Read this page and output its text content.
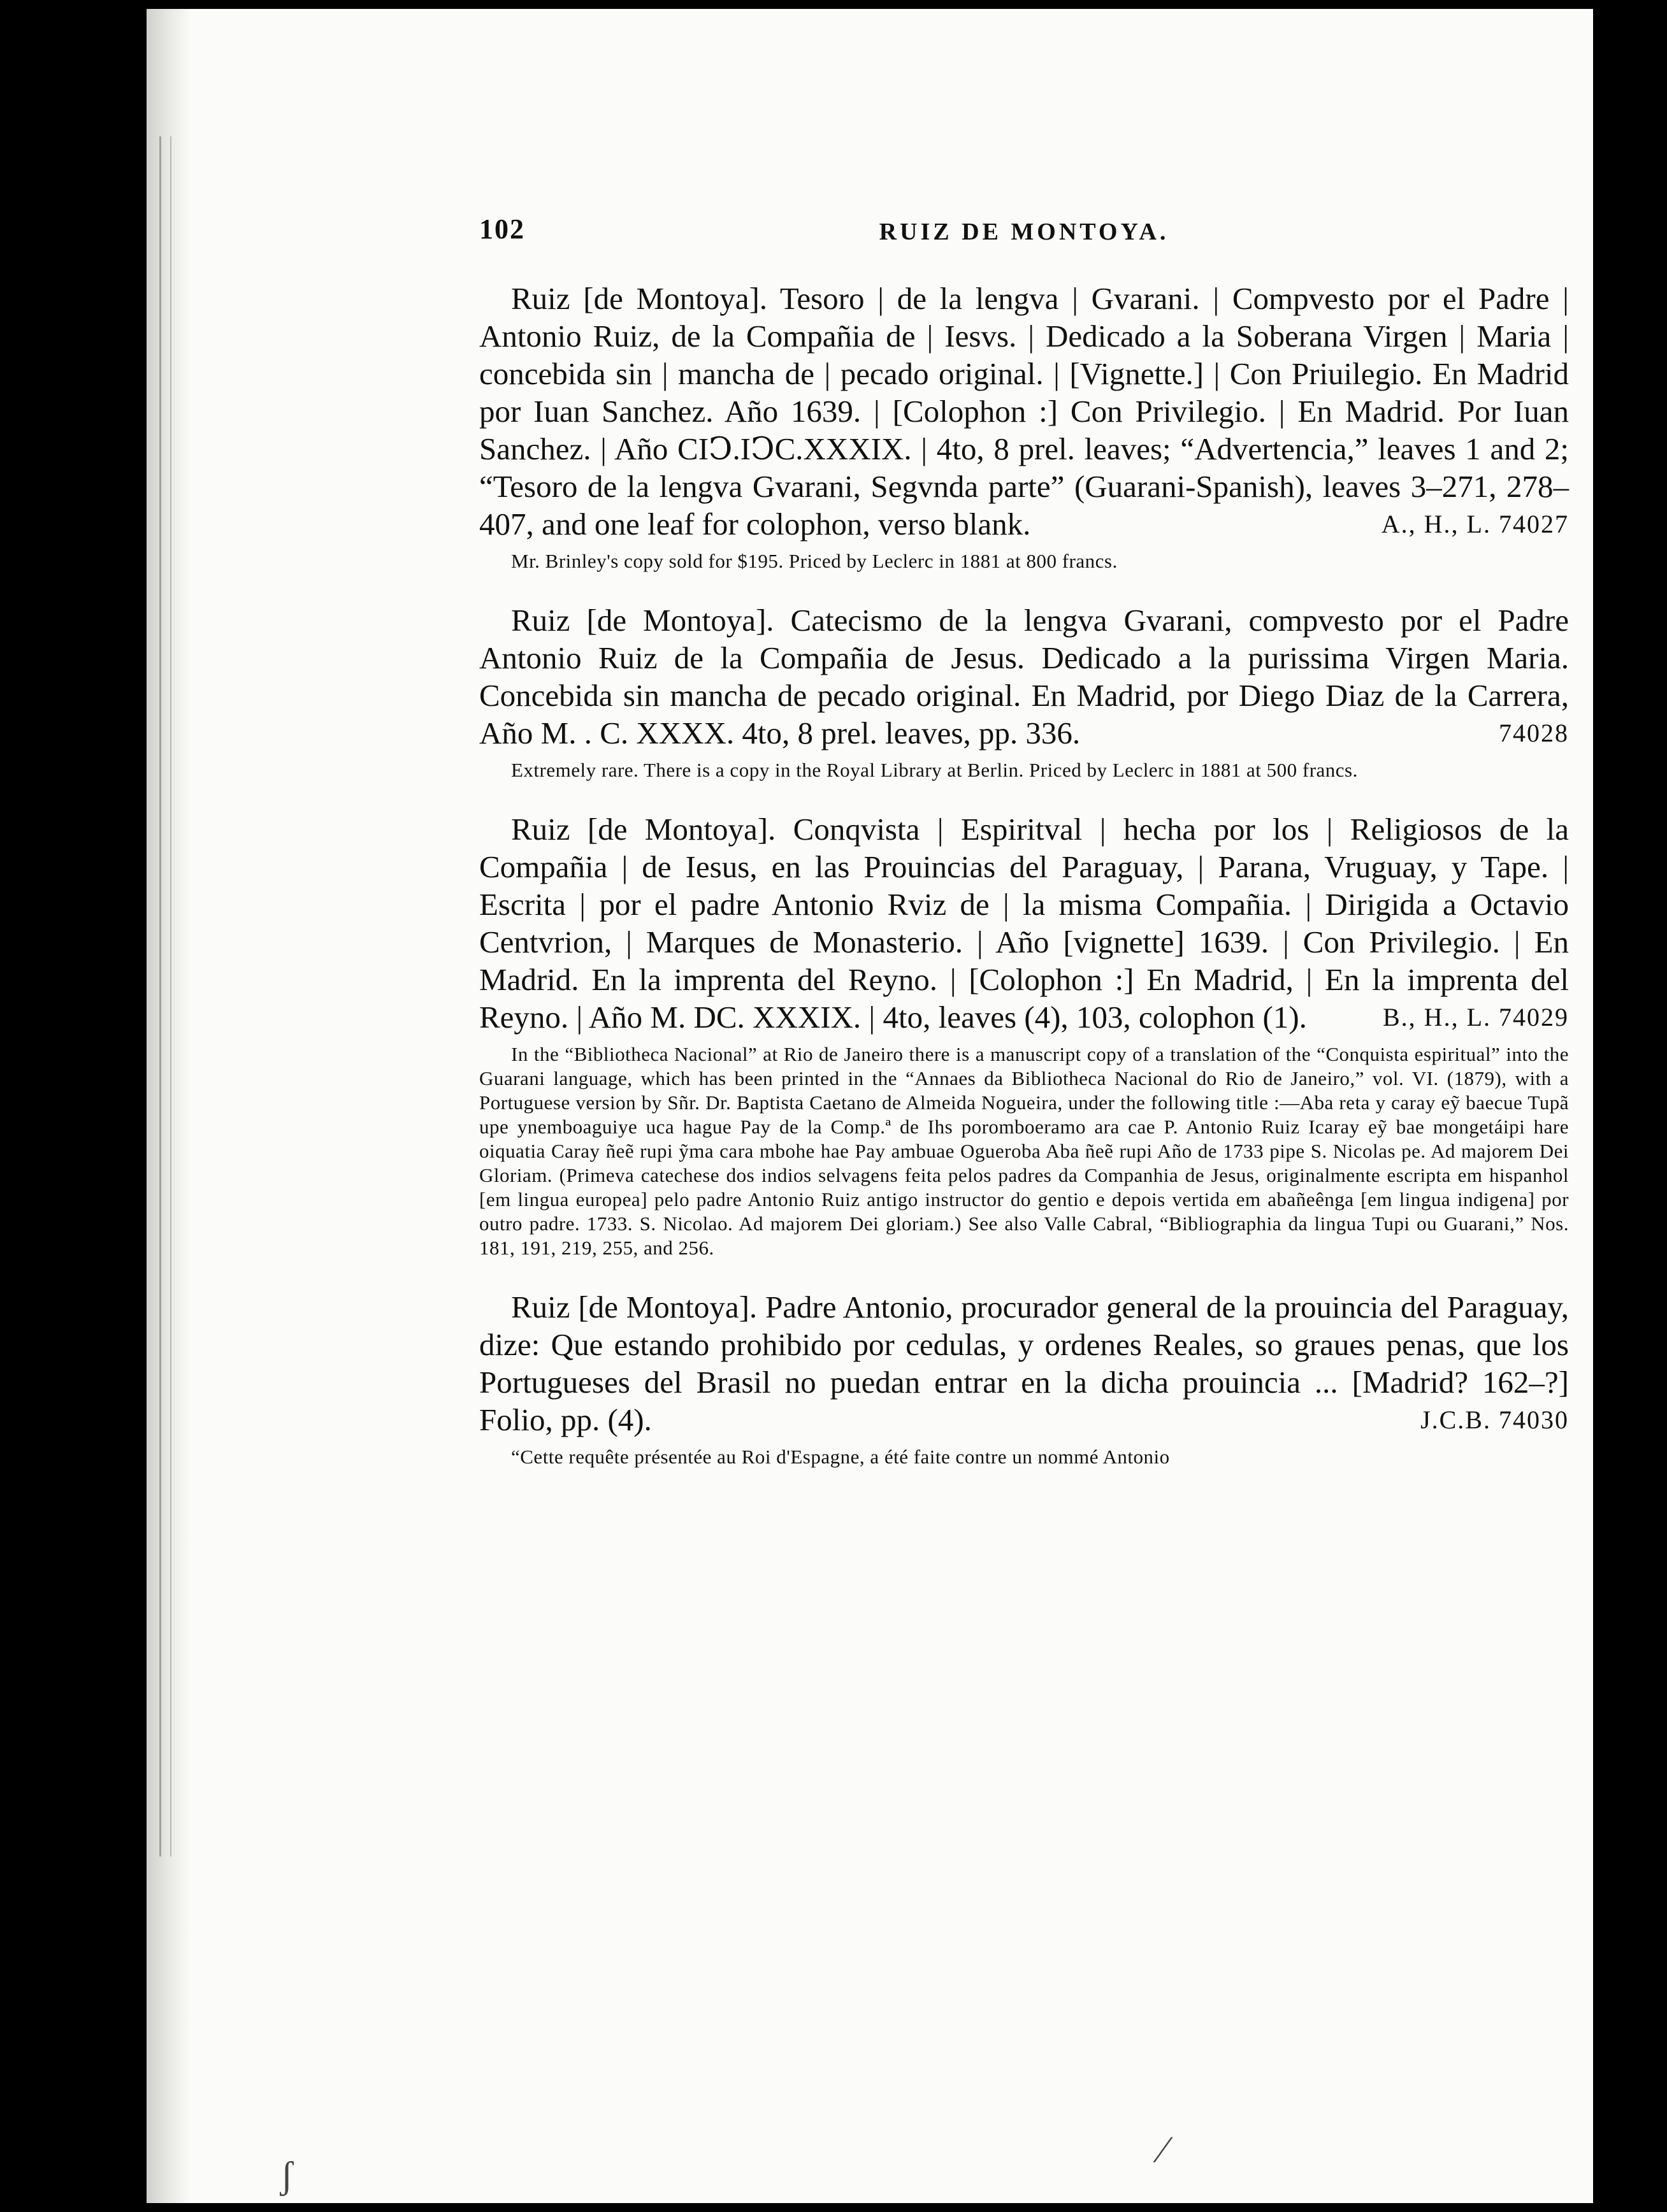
102	RUIZ DE MONTOYA.

Ruiz [de Montoya]. Tesoro | de la lengva | Gvarani. | Compvesto por el Padre | Antonio Ruiz, de la Compañia de | Iesvs. | Dedicado a la Soberana Virgen | Maria | concebida sin | mancha de | pecado original. | [Vignette.] | Con Priuilegio. En Madrid por Iuan Sanchez. Año 1639. | [Colophon :] Con Privilegio. | En Madrid. Por Iuan Sanchez. | Año CIↃ.IↃC.XXXIX. | 4to, 8 prel. leaves; “Advertencia,” leaves 1 and 2; “Tesoro de la lengva Gvarani, Segvnda parte” (Guarani-Spanish), leaves 3–271, 278–407, and one leaf for colophon, verso blank.	A., H., L. 74027

Mr. Brinley's copy sold for $195. Priced by Leclerc in 1881 at 800 francs.

Ruiz [de Montoya]. Catecismo de la lengva Gvarani, compvesto por el Padre Antonio Ruiz de la Compañia de Jesus. Dedicado a la purissima Virgen Maria. Concebida sin mancha de pecado original. En Madrid, por Diego Diaz de la Carrera, Año M. . C. XXXX. 4to, 8 prel. leaves, pp. 336.	74028

Extremely rare. There is a copy in the Royal Library at Berlin. Priced by Leclerc in 1881 at 500 francs.

Ruiz [de Montoya]. Conqvista | Espiritval | hecha por los | Religiosos de la Compañia | de Iesus, en las Prouincias del Paraguay, | Parana, Vruguay, y Tape. | Escrita | por el padre Antonio Rviz de | la misma Compañia. | Dirigida a Octavio Centvrion, | Marques de Monasterio. | Año [vignette] 1639. | Con Privilegio. | En Madrid. En la imprenta del Reyno. | [Colophon :] En Madrid, | En la imprenta del Reyno. | Año M. DC. XXXIX. | 4to, leaves (4), 103, colophon (1).	B., H., L. 74029

In the “Bibliotheca Nacional” at Rio de Janeiro there is a manuscript copy of a translation of the “Conquista espiritual” into the Guarani language, which has been printed in the “Annaes da Bibliotheca Nacional do Rio de Janeiro,” vol. VI. (1879), with a Portuguese version by Sñr. Dr. Baptista Caetano de Almeida Nogueira, under the following title :—Aba reta y caray eỹ baecue Tupã upe ynemboaguiye uca hague Pay de la Comp.ª de Ihs poromboeramo ara cae P. Antonio Ruiz Icaray eỹ bae mongetáipi hare oiquatia Caray ñeẽ rupi ỹma cara mbohe hae Pay ambuae Ogueroba Aba ñeẽ rupi Año de 1733 pipe S. Nicolas pe. Ad majorem Dei Gloriam. (Primeva catechese dos indios selvagens feita pelos padres da Companhia de Jesus, originalmente escripta em hispanhol [em lingua europea] pelo padre Antonio Ruiz antigo instructor do gentio e depois vertida em abañeênga [em lingua indigena] por outro padre. 1733. S. Nicolao. Ad majorem Dei gloriam.) See also Valle Cabral, “Bibliographia da lingua Tupi ou Guarani,” Nos. 181, 191, 219, 255, and 256.

Ruiz [de Montoya]. Padre Antonio, procurador general de la prouincia del Paraguay, dize: Que estando prohibido por cedulas, y ordenes Reales, so graues penas, que los Portugueses del Brasil no puedan entrar en la dicha prouincia ... [Madrid? 162–?] Folio, pp. (4).	J.C.B. 74030

“Cette requête présentée au Roi d'Espagne, a été faite contre un nommé Antonio

ʃ
⁄
